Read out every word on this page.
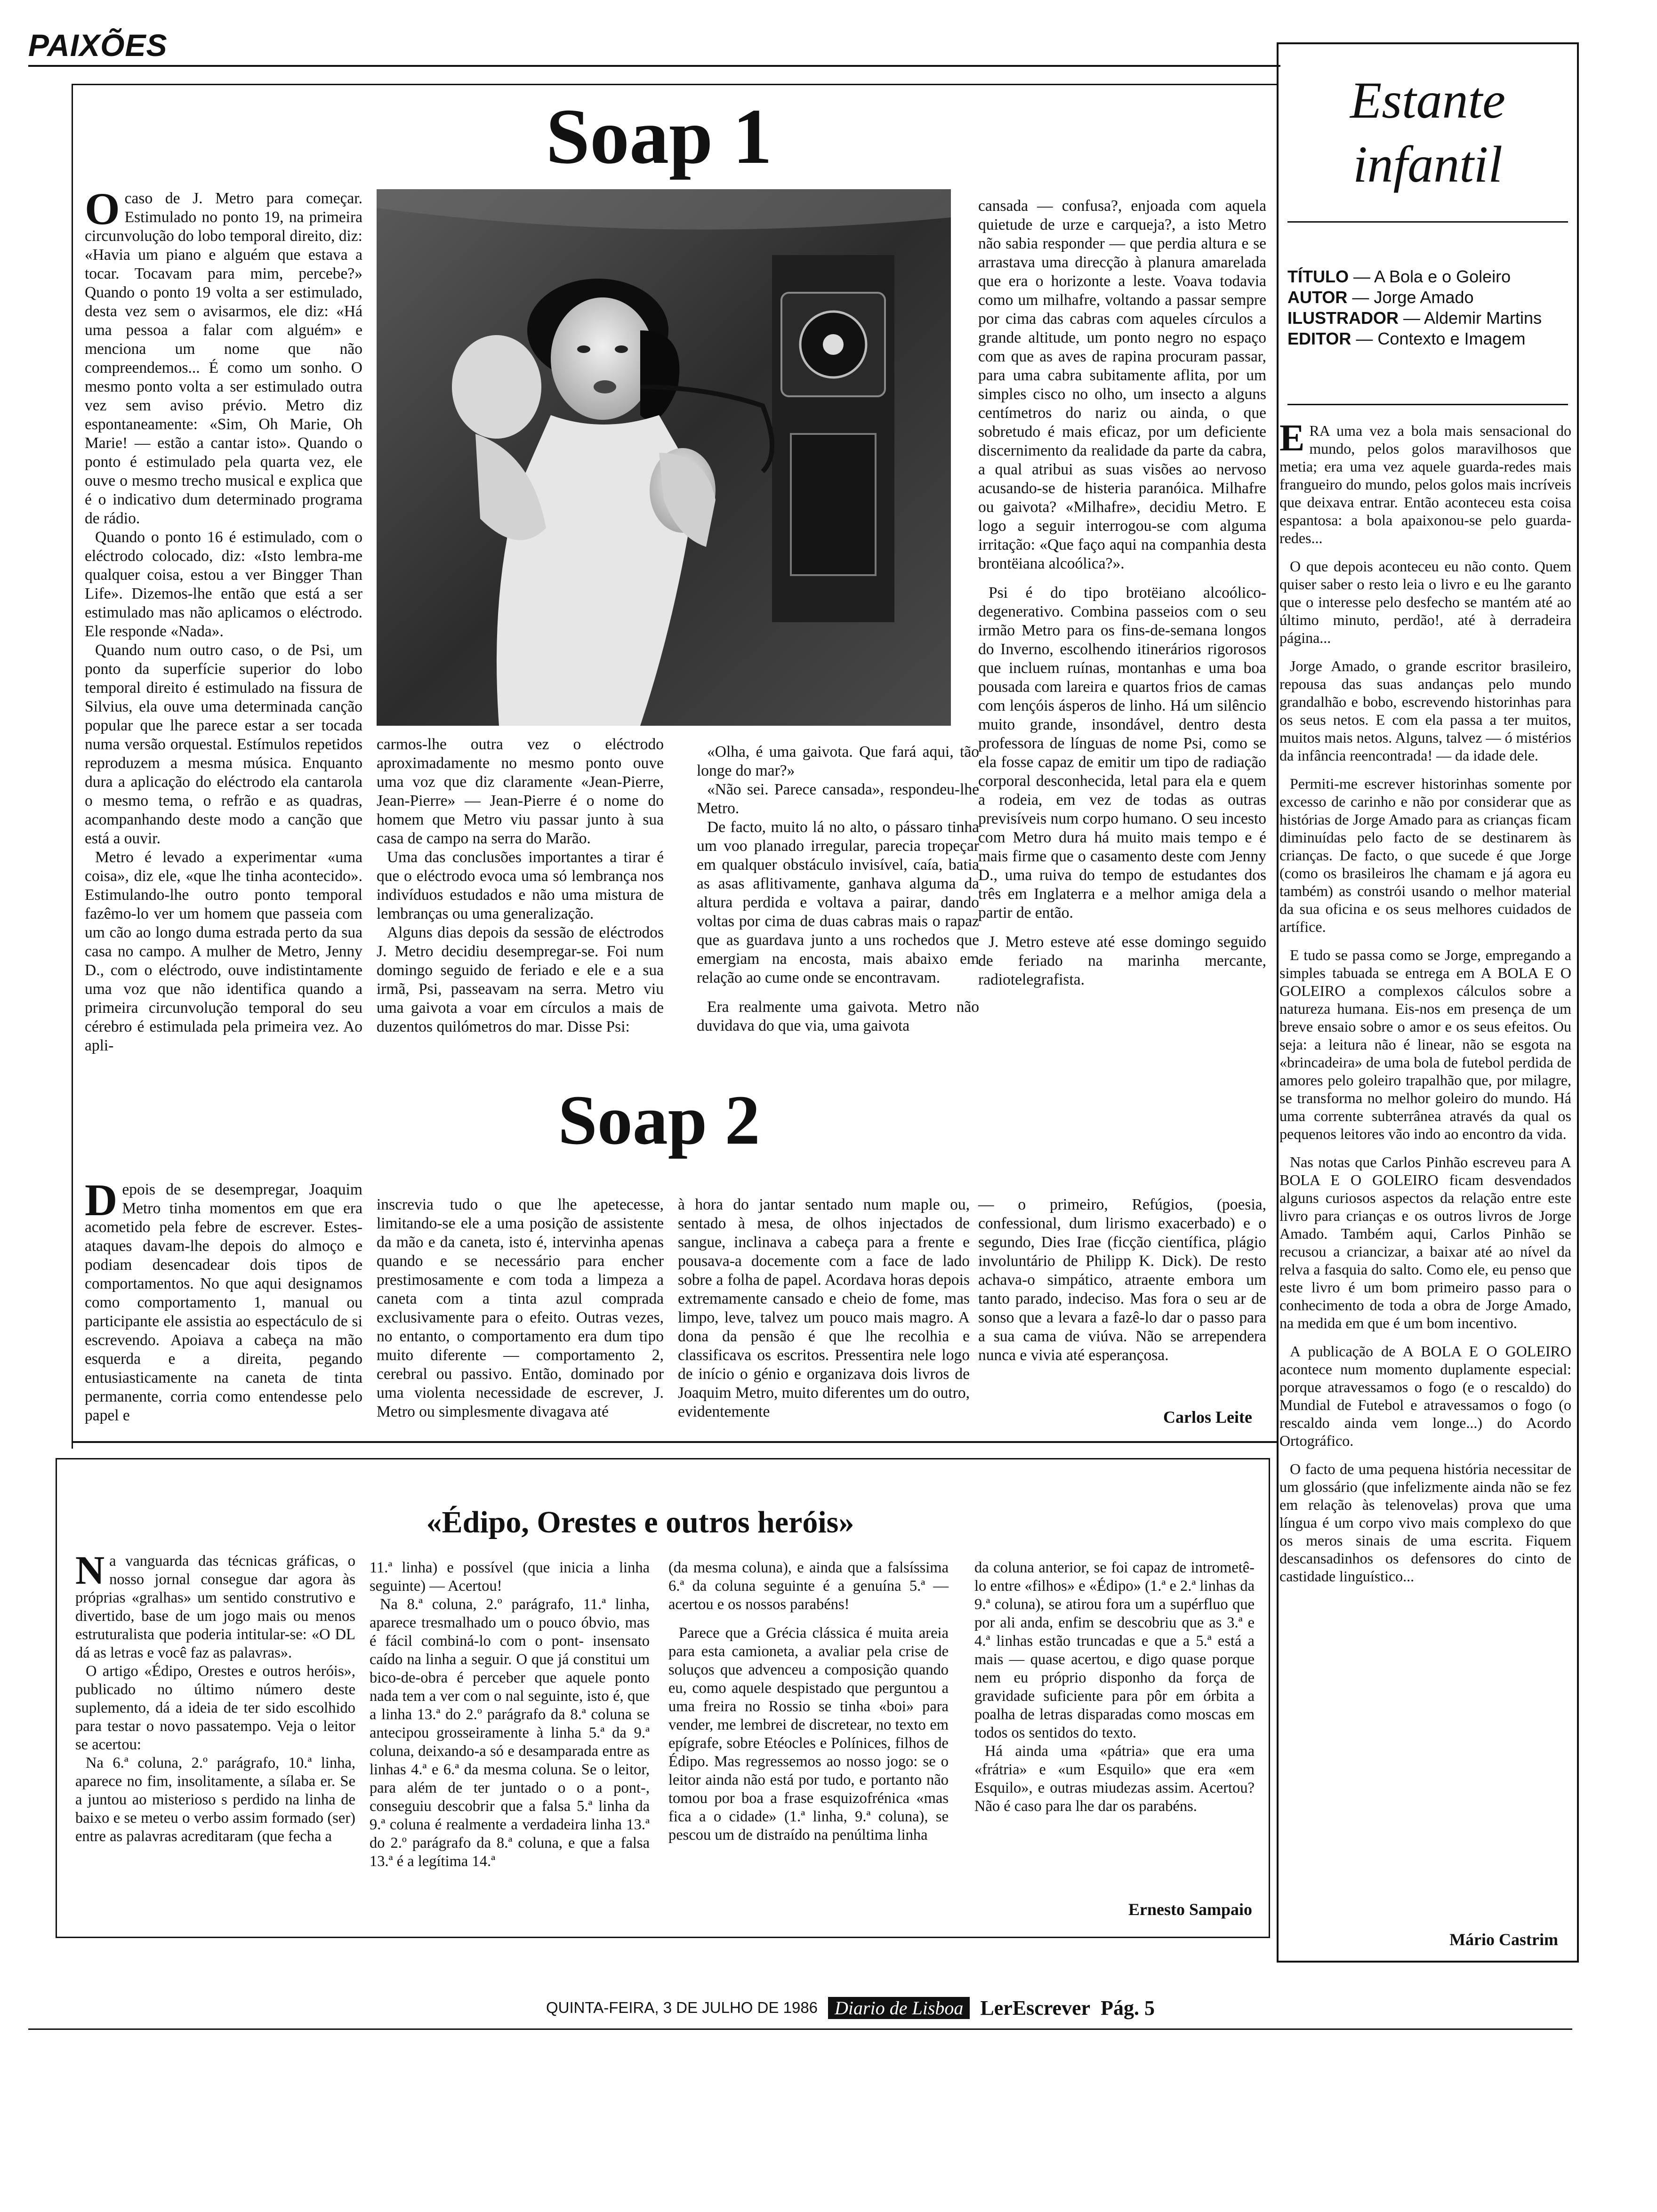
PAIXÕES
Soap 1
O caso de J. Metro para começar. Estimulado no ponto 19, na primeira circunvolução do lobo temporal direito, diz: «Havia um piano e alguém que estava a tocar. Tocavam para mim, percebe?» Quando o ponto 19 volta a ser estimulado, desta vez sem o avisarmos, ele diz: «Há uma pessoa a falar com alguém» e menciona um nome que não compreendemos... É como um sonho. O mesmo ponto volta a ser estimulado outra vez sem aviso prévio. Metro diz espontaneamente: «Sim, Oh Marie, Oh Marie! — estão a cantar isto». Quando o ponto é estimulado pela quarta vez, ele ouve o mesmo trecho musical e explica que é o indicativo dum determinado programa de rádio.

Quando o ponto 16 é estimulado, com o eléctrodo colocado, diz: «Isto lembra-me qualquer coisa, estou a ver Bingger Than Life». Dizemos-lhe então que está a ser estimulado mas não aplicamos o eléctrodo. Ele responde «Nada».

Quando num outro caso, o de Psi, um ponto da superfície superior do lobo temporal direito é estimulado na fissura de Silvius, ela ouve uma determinada canção popular que lhe parece estar a ser tocada numa versão orquestal. Estímulos repetidos reproduzem a mesma música. Enquanto dura a aplicação do eléctrodo ela cantarola o mesmo tema, o refrão e as quadras, acompanhando deste modo a canção que está a ouvir.

Metro é levado a experimentar «uma coisa», diz ele, «que lhe tinha acontecido». Estimulando-lhe outro ponto temporal fazêmo-lo ver um homem que passeia com um cão ao longo duma estrada perto da sua casa no campo. A mulher de Metro, Jenny D., com o eléctrodo, ouve indistintamente uma voz que não identifica quando a primeira circunvolução temporal do seu cérebro é estimulada pela primeira vez. Ao apli-

carmos-lhe outra vez o eléctrodo aproximadamente no mesmo ponto ouve uma voz que diz claramente «Jean-Pierre, Jean-Pierre» — Jean-Pierre é o nome do homem que Metro viu passar junto à sua casa de campo na serra do Marão.

Uma das conclusões importantes a tirar é que o eléctrodo evoca uma só lembrança nos indivíduos estudados e não uma mistura de lembranças ou uma generalização.

Alguns dias depois da sessão de eléctrodos J. Metro decidiu desempregar-se. Foi num domingo seguido de feriado e ele e a sua irmã, Psi, passeavam na serra. Metro viu uma gaivota a voar em círculos a mais de duzentos quilómetros do mar. Disse Psi:

«Olha, é uma gaivota. Que fará aqui, tão longe do mar?»

«Não sei. Parece cansada», respondeu-lhe Metro.

De facto, muito lá no alto, o pássaro tinha um voo planado irregular, parecia tropeçar em qualquer obstáculo invisível, caía, batia as asas aflitivamente, ganhava alguma da altura perdida e voltava a pairar, dando voltas por cima de duas cabras mais o rapaz que as guardava junto a uns rochedos que emergiam na encosta, mais abaixo em relação ao cume onde se encontravam.

Era realmente uma gaivota. Metro não duvidava do que via, uma gaivota

cansada — confusa?, enjoada com aquela quietude de urze e carqueja?, a isto Metro não sabia responder — que perdia altura e se arrastava uma direcção à planura amarelada que era o horizonte a leste. Voava todavia como um milhafre, voltando a passar sempre por cima das cabras com aqueles círculos a grande altitude, um ponto negro no espaço com que as aves de rapina procuram passar, para uma cabra subitamente aflita, por um simples cisco no olho, um insecto a alguns centímetros do nariz ou ainda, o que sobretudo é mais eficaz, por um deficiente discernimento da realidade da parte da cabra, a qual atribui as suas visões ao nervoso acusando-se de histeria paranóica. Milhafre ou gaivota? «Milhafre», decidiu Metro. E logo a seguir interrogou-se com alguma irritação: «Que faço aqui na companhia desta brontëiana alcoólica?».

Psi é do tipo brotëiano alcoólico-degenerativo. Combina passeios com o seu irmão Metro para os fins-de-semana longos do Inverno, escolhendo itinerários rigorosos que incluem ruínas, montanhas e uma boa pousada com lareira e quartos frios de camas com lençóis ásperos de linho. Há um silêncio muito grande, insondável, dentro desta professora de línguas de nome Psi, como se ela fosse capaz de emitir um tipo de radiação corporal desconhecida, letal para ela e quem a rodeia, em vez de todas as outras previsíveis num corpo humano. O seu incesto com Metro dura há muito mais tempo e é mais firme que o casamento deste com Jenny D., uma ruiva do tempo de estudantes dos três em Inglaterra e a melhor amiga dela a partir de então.

J. Metro esteve até esse domingo seguido de feriado na marinha mercante, radiotelegrafista.

Soap 2
D epois de se desempregar, Joaquim Metro tinha momentos em que era acometido pela febre de escrever. Estes-ataques davam-lhe depois do almoço e podiam desencadear dois tipos de comportamentos. No que aqui designamos como comportamento 1, manual ou participante ele assistia ao espectáculo de si escrevendo. Apoiava a cabeça na mão esquerda e a direita, pegando entusiasticamente na caneta de tinta permanente, corria como entendesse pelo papel e

inscrevia tudo o que lhe apetecesse, limitando-se ele a uma posição de assistente da mão e da caneta, isto é, intervinha apenas quando e se necessário para encher prestimosamente e com toda a limpeza a caneta com a tinta azul comprada exclusivamente para o efeito. Outras vezes, no entanto, o comportamento era dum tipo muito diferente — comportamento 2, cerebral ou passivo. Então, dominado por uma violenta necessidade de escrever, J. Metro ou simplesmente divagava até

à hora do jantar sentado num maple ou, sentado à mesa, de olhos injectados de sangue, inclinava a cabeça para a frente e pousava-a docemente com a face de lado sobre a folha de papel. Acordava horas depois extremamente cansado e cheio de fome, mas limpo, leve, talvez um pouco mais magro. A dona da pensão é que lhe recolhia e classificava os escritos. Pressentira nele logo de início o génio e organizava dois livros de Joaquim Metro, muito diferentes um do outro, evidentemente

— o primeiro, Refúgios, (poesia, confessional, dum lirismo exacerbado) e o segundo, Dies Irae (ficção científica, plágio involuntário de Philipp K. Dick). De resto achava-o simpático, atraente embora um tanto parado, indeciso. Mas fora o seu ar de sonso que a levara a fazê-lo dar o passo para a sua cama de viúva. Não se arrependera nunca e vivia até esperançosa.

Carlos Leite
«Édipo, Orestes e outros heróis»
N a vanguarda das técnicas gráficas, o nosso jornal consegue dar agora às próprias «gralhas» um sentido construtivo e divertido, base de um jogo mais ou menos estruturalista que poderia intitular-se: «O DL dá as letras e você faz as palavras».

O artigo «Édipo, Orestes e outros heróis», publicado no último número deste suplemento, dá a ideia de ter sido escolhido para testar o novo passatempo. Veja o leitor se acertou:

Na 6.ª coluna, 2.º parágrafo, 10.ª linha, aparece no fim, insolitamente, a sílaba er. Se a juntou ao misterioso s perdido na linha de baixo e se meteu o verbo assim formado (ser) entre as palavras acreditaram (que fecha a

11.ª linha) e possível (que inicia a linha seguinte) — Acertou!

Na 8.ª coluna, 2.º parágrafo, 11.ª linha, aparece tresmalhado um o pouco óbvio, mas é fácil combiná-lo com o pont- insensato caído na linha a seguir. O que já constitui um bico-de-obra é perceber que aquele ponto nada tem a ver com o nal seguinte, isto é, que a linha 13.ª do 2.º parágrafo da 8.ª coluna se antecipou grosseiramente à linha 5.ª da 9.ª coluna, deixando-a só e desamparada entre as linhas 4.ª e 6.ª da mesma coluna. Se o leitor, para além de ter juntado o o a pont-, conseguiu descobrir que a falsa 5.ª linha da 9.ª coluna é realmente a verdadeira linha 13.ª do 2.º parágrafo da 8.ª coluna, e que a falsa 13.ª é a legítima 14.ª

(da mesma coluna), e ainda que a falsíssima 6.ª da coluna seguinte é a genuína 5.ª — acertou e os nossos parabéns!

Parece que a Grécia clássica é muita areia para esta camioneta, a avaliar pela crise de soluços que advenceu a composição quando eu, como aquele despistado que perguntou a uma freira no Rossio se tinha «boi» para vender, me lembrei de discretear, no texto em epígrafe, sobre Etéocles e Polínices, filhos de Édipo. Mas regressemos ao nosso jogo: se o leitor ainda não está por tudo, e portanto não tomou por boa a frase esquizofrénica «mas fica a o cidade» (1.ª linha, 9.ª coluna), se pescou um de distraído na penúltima linha

da coluna anterior, se foi capaz de intrometê-lo entre «filhos» e «Édipo» (1.ª e 2.ª linhas da 9.ª coluna), se atirou fora um a supérfluo que por ali anda, enfim se descobriu que as 3.ª e 4.ª linhas estão truncadas e que a 5.ª está a mais — quase acertou, e digo quase porque nem eu próprio disponho da força de gravidade suficiente para pôr em órbita a poalha de letras disparadas como moscas em todos os sentidos do texto.

Há ainda uma «pátria» que era uma «frátria» e «um Esquilo» que era «em Esquilo», e outras miudezas assim. Acertou? Não é caso para lhe dar os parabéns.

Ernesto Sampaio
Estante
infantil
TÍTULO — A Bola e o Goleiro
AUTOR — Jorge Amado
ILUSTRADOR — Aldemir Martins
EDITOR — Contexto e Imagem
E RA uma vez a bola mais sensacional do mundo, pelos golos maravilhosos que metia; era uma vez aquele guarda-redes mais frangueiro do mundo, pelos golos mais incríveis que deixava entrar. Então aconteceu esta coisa espantosa: a bola apaixonou-se pelo guarda-redes...

O que depois aconteceu eu não conto. Quem quiser saber o resto leia o livro e eu lhe garanto que o interesse pelo desfecho se mantém até ao último minuto, perdão!, até à derradeira página...

Jorge Amado, o grande escritor brasileiro, repousa das suas andanças pelo mundo grandalhão e bobo, escrevendo historinhas para os seus netos. E com ela passa a ter muitos, muitos mais netos. Alguns, talvez — ó mistérios da infância reencontrada! — da idade dele.

Permiti-me escrever historinhas somente por excesso de carinho e não por considerar que as histórias de Jorge Amado para as crianças ficam diminuídas pelo facto de se destinarem às crianças. De facto, o que sucede é que Jorge (como os brasileiros lhe chamam e já agora eu também) as constrói usando o melhor material da sua oficina e os seus melhores cuidados de artífice.

E tudo se passa como se Jorge, empregando a simples tabuada se entrega em A BOLA E O GOLEIRO a complexos cálculos sobre a natureza humana. Eis-nos em presença de um breve ensaio sobre o amor e os seus efeitos. Ou seja: a leitura não é linear, não se esgota na «brincadeira» de uma bola de futebol perdida de amores pelo goleiro trapalhão que, por milagre, se transforma no melhor goleiro do mundo. Há uma corrente subterrânea através da qual os pequenos leitores vão indo ao encontro da vida.

Nas notas que Carlos Pinhão escreveu para A BOLA E O GOLEIRO ficam desvendados alguns curiosos aspectos da relação entre este livro para crianças e os outros livros de Jorge Amado. Também aqui, Carlos Pinhão se recusou a criancizar, a baixar até ao nível da relva a fasquia do salto. Como ele, eu penso que este livro é um bom primeiro passo para o conhecimento de toda a obra de Jorge Amado, na medida em que é um bom incentivo.

A publicação de A BOLA E O GOLEIRO acontece num momento duplamente especial: porque atravessamos o fogo (e o rescaldo) do Mundial de Futebol e atravessamos o fogo (o rescaldo ainda vem longe...) do Acordo Ortográfico.

O facto de uma pequena história necessitar de um glossário (que infelizmente ainda não se fez em relação às telenovelas) prova que uma língua é um corpo vivo mais complexo do que os meros sinais de uma escrita. Fiquem descansadinhos os defensores do cinto de castidade linguístico...

Mário Castrim
QUINTA-FEIRA, 3 DE JULHO DE 1986 Diario de Lisboa LerEscrever Pág. 5
